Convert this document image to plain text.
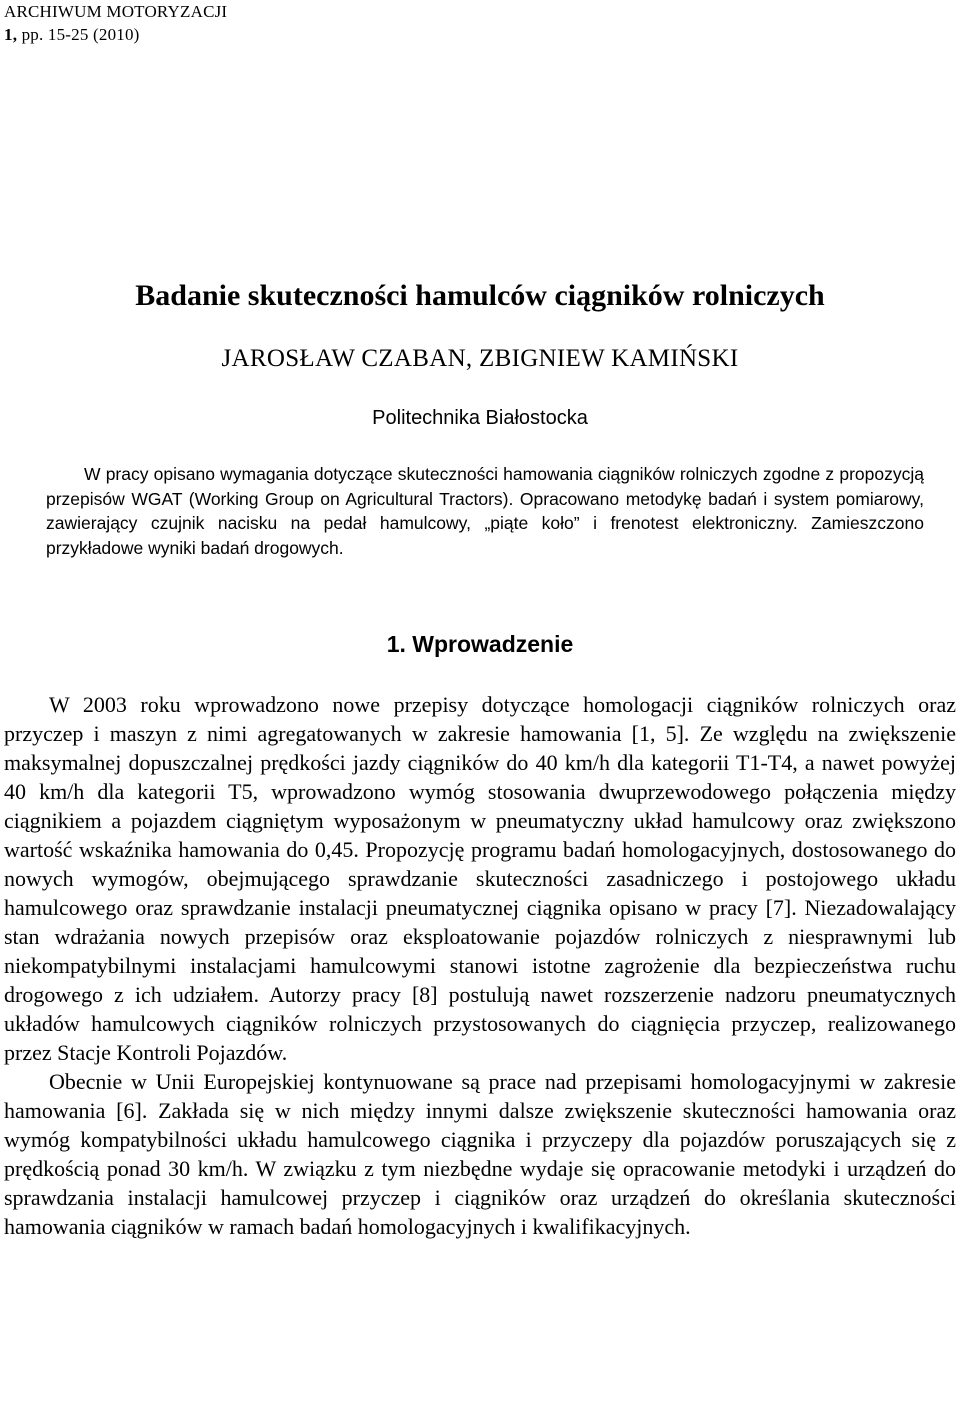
ARCHIWUM MOTORYZACJI
1, pp. 15-25 (2010)
Badanie skuteczności hamulców ciągników rolniczych
JAROSŁAW CZABAN, ZBIGNIEW KAMIŃSKI
Politechnika Białostocka

W pracy opisano wymagania dotyczące skuteczności hamowania ciągników rolniczych zgodne z propozycją przepisów WGAT (Working Group on Agricultural Tractors). Opracowano metodykę badań i system pomiarowy, zawierający czujnik nacisku na pedał hamulcowy, „piąte koło” i frenotest elektroniczny. Zamieszczono przykładowe wyniki badań drogowych.

1. Wprowadzenie

W 2003 roku wprowadzono nowe przepisy dotyczące homologacji ciągników rolniczych oraz przyczep i maszyn z nimi agregatowanych w zakresie hamowania [1, 5]. Ze względu na zwiększenie maksymalnej dopuszczalnej prędkości jazdy ciągników do 40 km/h dla kategorii T1-T4, a nawet powyżej 40 km/h dla kategorii T5, wprowadzono wymóg stosowania dwuprzewodowego połączenia między ciągnikiem a pojazdem ciągniętym wyposażonym w pneumatyczny układ hamulcowy oraz zwiększono wartość wskaźnika hamowania do 0,45. Propozycję programu badań homologacyjnych, dostosowanego do nowych wymogów, obejmującego sprawdzanie skuteczności zasadniczego i postojowego układu hamulcowego oraz sprawdzanie instalacji pneumatycznej ciągnika opisano w pracy [7]. Niezadowalający stan wdrażania nowych przepisów oraz eksploatowanie pojazdów rolniczych z niesprawnymi lub niekompatybilnymi instalacjami hamulcowymi stanowi istotne zagrożenie dla bezpieczeństwa ruchu drogowego z ich udziałem. Autorzy pracy [8] postulują nawet rozszerzenie nadzoru pneumatycznych układów hamulcowych ciągników rolniczych przystosowanych do ciągnięcia przyczep, realizowanego przez Stacje Kontroli Pojazdów.

Obecnie w Unii Europejskiej kontynuowane są prace nad przepisami homologacyjnymi w zakresie hamowania [6]. Zakłada się w nich między innymi dalsze zwiększenie skuteczności hamowania oraz wymóg kompatybilności układu hamulcowego ciągnika i przyczepy dla pojazdów poruszających się z prędkością ponad 30 km/h. W związku z tym niezbędne wydaje się opracowanie metodyki i urządzeń do sprawdzania instalacji hamulcowej przyczep i ciągników oraz urządzeń do określania skuteczności hamowania ciągników w ramach badań homologacyjnych i kwalifikacyjnych.
